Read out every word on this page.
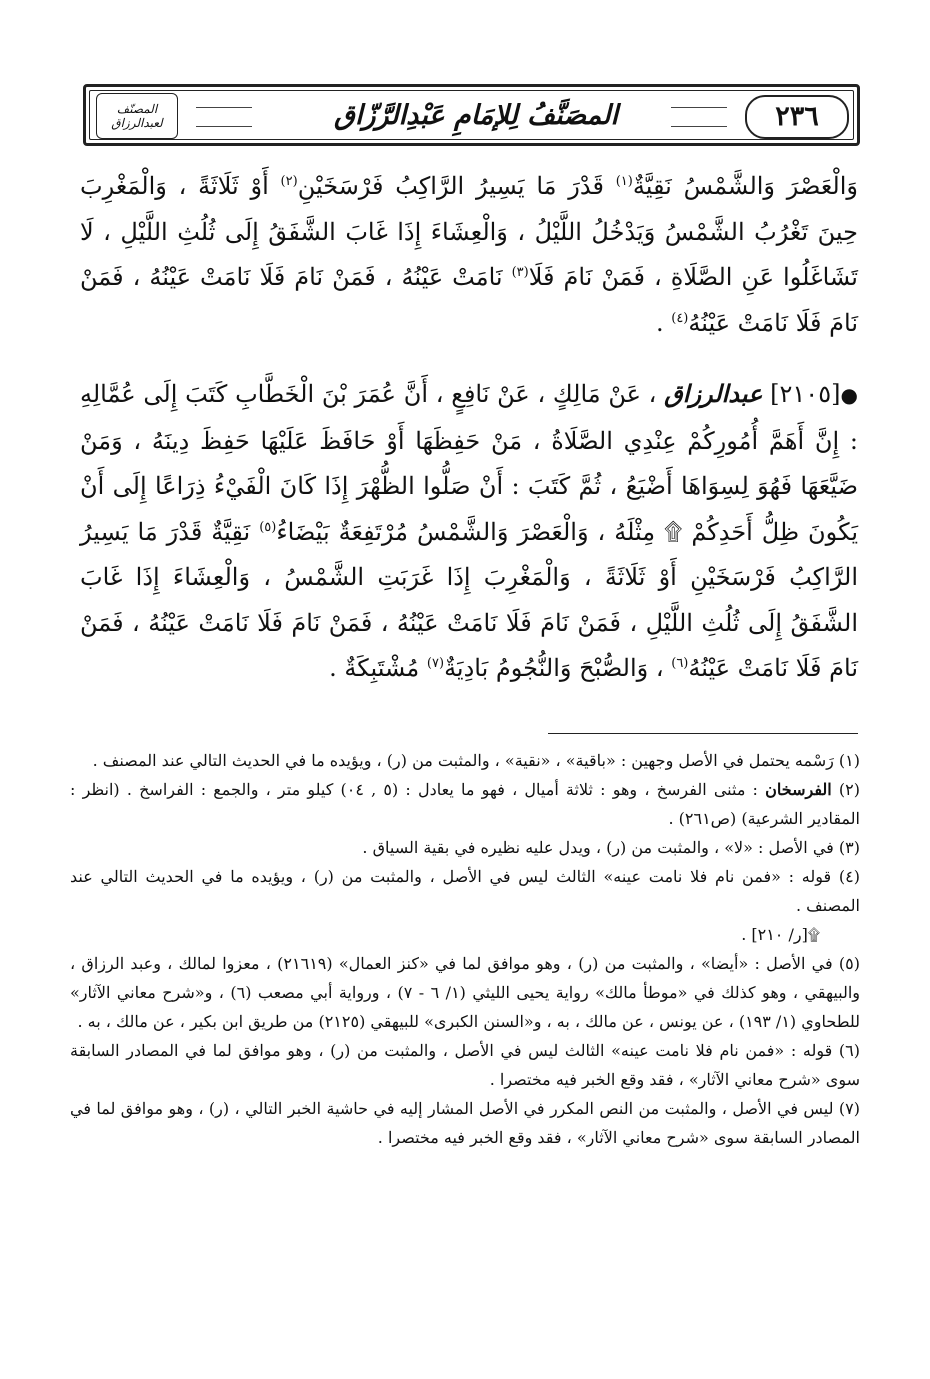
المصنّف
لعبدالرزاق	المصَنَّفُ لِلإمَامِ عَبْدِالرَّزّاق	٢٣٦
وَالْعَصْرَ وَالشَّمْسُ نَقِيَّةٌ$^{(١)}$ قَدْرَ مَا يَسِيرُ الرَّاكِبُ فَرْسَخَيْنِ$^{(٢)}$ أَوْ ثَلَاثَةً ، وَالْمَغْرِبَ حِينَ تَغْرُبُ الشَّمْسُ وَيَدْخُلُ اللَّيْلُ ، وَالْعِشَاءَ إِذَا غَابَ الشَّفَقُ إِلَى ثُلُثِ اللَّيْلِ ، لَا تَشَاغَلُوا عَنِ الصَّلَاةِ ، فَمَنْ نَامَ فَلَا$^{(٣)}$ نَامَتْ عَيْنُهُ ، فَمَنْ نَامَ فَلَا نَامَتْ عَيْنُهُ ، فَمَنْ نَامَ فَلَا نَامَتْ عَيْنُهُ$^{(٤)}$ .
●[٢١٠٥] عبدالرزاق ، عَنْ مَالِكٍ ، عَنْ نَافِعٍ ، أَنَّ عُمَرَ بْنَ الْخَطَّابِ كَتَبَ إِلَى عُمَّالِهِ : إِنَّ أَهَمَّ أُمُورِكُمْ عِنْدِي الصَّلَاةُ ، مَنْ حَفِظَهَا أَوْ حَافَظَ عَلَيْهَا حَفِظَ دِينَهُ ، وَمَنْ ضَيَّعَهَا فَهُوَ لِسِوَاهَا أَضْيَعُ ، ثُمَّ كَتَبَ : أَنْ صَلُّوا الظُّهْرَ إِذَا كَانَ الْفَيْءُ ذِرَاعًا إِلَى أَنْ يَكُونَ ظِلُّ أَحَدِكُمْ ۩ مِثْلَهُ ، وَالْعَصْرَ وَالشَّمْسُ مُرْتَفِعَةٌ بَيْضَاءُ$^{(٥)}$ نَقِيَّةٌ قَدْرَ مَا يَسِيرُ الرَّاكِبُ فَرْسَخَيْنِ أَوْ ثَلَاثَةً ، وَالْمَغْرِبَ إِذَا غَرَبَتِ الشَّمْسُ ، وَالْعِشَاءَ إِذَا غَابَ الشَّفَقُ إِلَى ثُلُثِ اللَّيْلِ ، فَمَنْ نَامَ فَلَا نَامَتْ عَيْنُهُ ، فَمَنْ نَامَ فَلَا نَامَتْ عَيْنُهُ ، فَمَنْ نَامَ فَلَا نَامَتْ عَيْنُهُ$^{(٦)}$ ، وَالصُّبْحَ وَالنُّجُومُ بَادِيَةٌ$^{(٧)}$ مُشْتَبِكَةٌ .

(١) رَسْمه يحتمل في الأصل وجهين : «باقية» ، «نقية» ، والمثبت من (ر) ، ويؤيده ما في الحديث التالي عند المصنف .

(٢) الفرسخان : مثنى الفرسخ ، وهو : ثلاثة أميال ، فهو ما يعادل : (٥ , ٠٤) كيلو متر ، والجمع : الفراسخ . (انظر : المقادير الشرعية) (ص٢٦١) .

(٣) في الأصل : «لا» ، والمثبت من (ر) ، ويدل عليه نظيره في بقية السياق .

(٤) قوله : «فمن نام فلا نامت عينه» الثالث ليس في الأصل ، والمثبت من (ر) ، ويؤيده ما في الحديث التالي عند المصنف .

۩[ر/ ٢١٠] .

(٥) في الأصل : «أيضا» ، والمثبت من (ر) ، وهو موافق لما في «كنز العمال» (٢١٦١٩) ، معزوا لمالك ، وعبد الرزاق ، والبيهقي ، وهو كذلك في «موطأ مالك» رواية يحيى الليثي (١/ ٦ - ٧) ، ورواية أبي مصعب (٦) ، و«شرح معاني الآثار» للطحاوي (١/ ١٩٣) ، عن يونس ، عن مالك ، به ، و«السنن الكبرى» للبيهقي (٢١٢٥) من طريق ابن بكير ، عن مالك ، به .

(٦) قوله : «فمن نام فلا نامت عينه» الثالث ليس في الأصل ، والمثبت من (ر) ، وهو موافق لما في المصادر السابقة سوى «شرح معاني الآثار» ، فقد وقع الخبر فيه مختصرا .

(٧) ليس في الأصل ، والمثبت من النص المكرر في الأصل المشار إليه في حاشية الخبر التالي ، (ر) ، وهو موافق لما في المصادر السابقة سوى «شرح معاني الآثار» ، فقد وقع الخبر فيه مختصرا .
